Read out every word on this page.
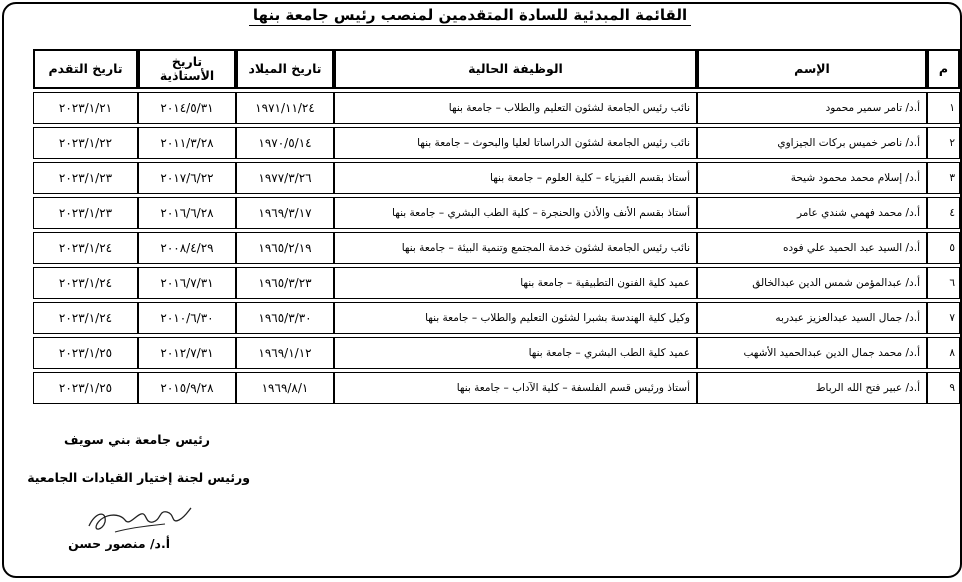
القائمة المبدئية للسادة المتقدمين لمنصب رئيس جامعة بنها
م	الإسم	الوظيفة الحالية	تاريخ الميلاد	تاريخ الأستاذية	تاريخ التقدم
١	أ.د/ تامر سمير محمود	نائب رئيس الجامعة لشئون التعليم والطلاب – جامعة بنها	١٩٧١/١١/٢٤	٢٠١٤/٥/٣١	٢٠٢٣/١/٢١
٢	أ.د/ ناصر خميس بركات الجيزاوي	نائب رئيس الجامعة لشئون الدراساتا لعليا والبحوث – جامعة بنها	١٩٧٠/٥/١٤	٢٠١١/٣/٢٨	٢٠٢٣/١/٢٢
٣	أ.د/ إسلام محمد محمود شيحة	أستاذ بقسم الفيزياء – كلية العلوم – جامعة بنها	١٩٧٧/٣/٢٦	٢٠١٧/٦/٢٢	٢٠٢٣/١/٢٣
٤	أ.د/ محمد فهمي شندي عامر	أستاذ بقسم الأنف والأذن والحنجرة – كلية الطب البشري – جامعة بنها	١٩٦٩/٣/١٧	٢٠١٦/٦/٢٨	٢٠٢٣/١/٢٣
٥	أ.د/ السيد عبد الحميد علي فوده	نائب رئيس الجامعة لشئون خدمة المجتمع وتنمية البيئة – جامعة بنها	١٩٦٥/٢/١٩	٢٠٠٨/٤/٢٩	٢٠٢٣/١/٢٤
٦	أ.د/ عبدالمؤمن شمس الدين عبدالخالق	عميد كلية الفنون التطبيقية – جامعة بنها	١٩٦٥/٣/٢٣	٢٠١٦/٧/٣١	٢٠٢٣/١/٢٤
٧	أ.د/ جمال السيد عبدالعزيز عبدربه	وكيل كلية الهندسة بشبرا لشئون التعليم والطلاب – جامعة بنها	١٩٦٥/٣/٣٠	٢٠١٠/٦/٣٠	٢٠٢٣/١/٢٤
٨	أ.د/ محمد جمال الدين عبدالحميد الأشهب	عميد كلية الطب البشري – جامعة بنها	١٩٦٩/١/١٢	٢٠١٢/٧/٣١	٢٠٢٣/١/٢٥
٩	أ.د/ عبير فتح الله الرباط	أستاذ ورئيس قسم الفلسفة – كلية الآداب – جامعة بنها	١٩٦٩/٨/١	٢٠١٥/٩/٢٨	٢٠٢٣/١/٢٥
رئيس جامعة بني سويف
ورئيس لجنة إختيار القيادات الجامعية
أ.د/ منصور حسن
